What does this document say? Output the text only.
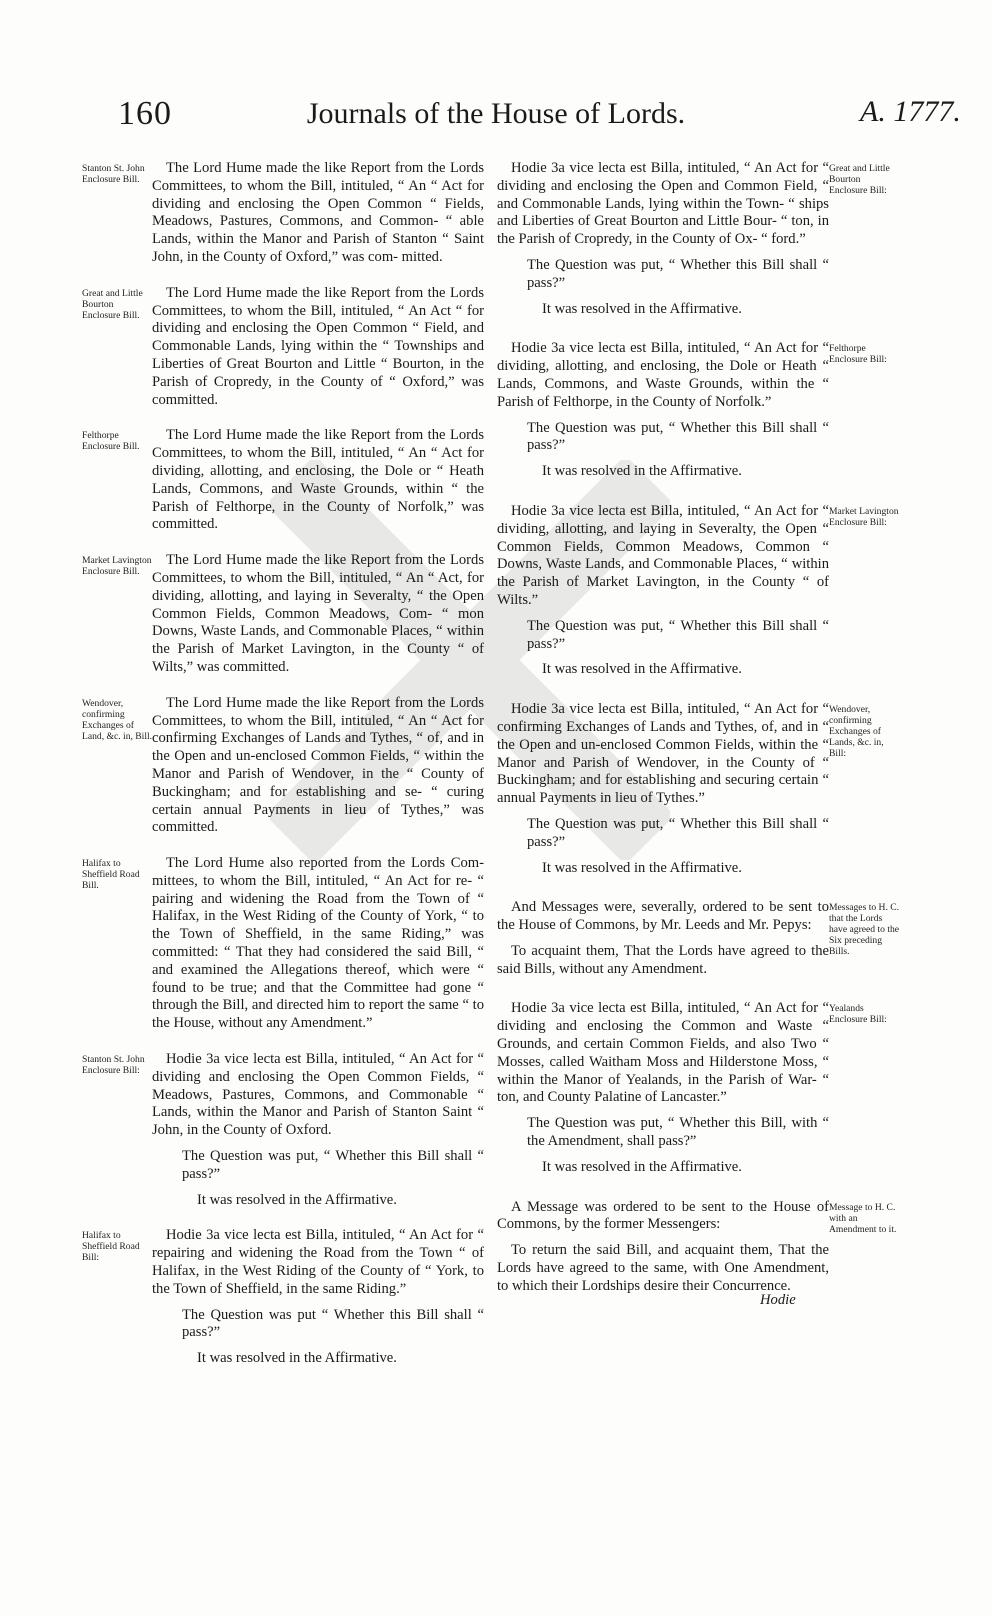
160	Journals of the House of Lords.	A. 1777.
Stanton St. John Enclosure Bill.

The Lord Hume made the like Report from the Lords Committees, to whom the Bill, intituled, “ An “ Act for dividing and enclosing the Open Common “ Fields, Meadows, Pastures, Commons, and Common- “ able Lands, within the Manor and Parish of Stanton “ Saint John, in the County of Oxford,” was com- mitted.

Great and Little Bourton Enclosure Bill.

The Lord Hume made the like Report from the Lords Committees, to whom the Bill, intituled, “ An Act “ for dividing and enclosing the Open Common “ Field, and Commonable Lands, lying within the “ Townships and Liberties of Great Bourton and Little “ Bourton, in the Parish of Cropredy, in the County of “ Oxford,” was committed.

Felthorpe Enclosure Bill.

The Lord Hume made the like Report from the Lords Committees, to whom the Bill, intituled, “ An “ Act for dividing, allotting, and enclosing, the Dole or “ Heath Lands, Commons, and Waste Grounds, within “ the Parish of Felthorpe, in the County of Norfolk,” was committed.

Market Lavington Enclosure Bill.

The Lord Hume made the like Report from the Lords Committees, to whom the Bill, intituled, “ An “ Act, for dividing, allotting, and laying in Severalty, “ the Open Common Fields, Common Meadows, Com- “ mon Downs, Waste Lands, and Commonable Places, “ within the Parish of Market Lavington, in the County “ of Wilts,” was committed.

Wendover, confirming Exchanges of Land, &c. in, Bill.

The Lord Hume made the like Report from the Lords Committees, to whom the Bill, intituled, “ An “ Act for confirming Exchanges of Lands and Tythes, “ of, and in the Open and un-enclosed Common Fields, “ within the Manor and Parish of Wendover, in the “ County of Buckingham; and for establishing and se- “ curing certain annual Payments in lieu of Tythes,” was committed.

Halifax to Sheffield Road Bill.

The Lord Hume also reported from the Lords Com- mittees, to whom the Bill, intituled, “ An Act for re- “ pairing and widening the Road from the Town of “ Halifax, in the West Riding of the County of York, “ to the Town of Sheffield, in the same Riding,” was committed: “ That they had considered the said Bill, “ and examined the Allegations thereof, which were “ found to be true; and that the Committee had gone “ through the Bill, and directed him to report the same “ to the House, without any Amendment.”

Stanton St. John Enclosure Bill:

Hodie 3a vice lecta est Billa, intituled, “ An Act for “ dividing and enclosing the Open Common Fields, “ Meadows, Pastures, Commons, and Commonable “ Lands, within the Manor and Parish of Stanton Saint “ John, in the County of Oxford.

The Question was put, “ Whether this Bill shall “ pass?”

It was resolved in the Affirmative.

Halifax to Sheffield Road Bill:

Hodie 3a vice lecta est Billa, intituled, “ An Act for “ repairing and widening the Road from the Town “ of Halifax, in the West Riding of the County of “ York, to the Town of Sheffield, in the same Riding.”

The Question was put “ Whether this Bill shall “ pass?”

It was resolved in the Affirmative.

Great and Little Bourton Enclosure Bill:

Hodie 3a vice lecta est Billa, intituled, “ An Act for “ dividing and enclosing the Open and Common Field, “ and Commonable Lands, lying within the Town- “ ships and Liberties of Great Bourton and Little Bour- “ ton, in the Parish of Cropredy, in the County of Ox- “ ford.”

The Question was put, “ Whether this Bill shall “ pass?”

It was resolved in the Affirmative.

Felthorpe Enclosure Bill:

Hodie 3a vice lecta est Billa, intituled, “ An Act for “ dividing, allotting, and enclosing, the Dole or Heath “ Lands, Commons, and Waste Grounds, within the “ Parish of Felthorpe, in the County of Norfolk.”

The Question was put, “ Whether this Bill shall “ pass?”

It was resolved in the Affirmative.

Market Lavington Enclosure Bill:

Hodie 3a vice lecta est Billa, intituled, “ An Act for “ dividing, allotting, and laying in Severalty, the Open “ Common Fields, Common Meadows, Common “ Downs, Waste Lands, and Commonable Places, “ within the Parish of Market Lavington, in the County “ of Wilts.”

The Question was put, “ Whether this Bill shall “ pass?”

It was resolved in the Affirmative.

Wendover, confirming Exchanges of Lands, &c. in, Bill:

Hodie 3a vice lecta est Billa, intituled, “ An Act for “ confirming Exchanges of Lands and Tythes, of, and in “ the Open and un-enclosed Common Fields, within the “ Manor and Parish of Wendover, in the County of “ Buckingham; and for establishing and securing certain “ annual Payments in lieu of Tythes.”

The Question was put, “ Whether this Bill shall “ pass?”

It was resolved in the Affirmative.

Messages to H. C. that the Lords have agreed to the Six preceding Bills.

And Messages were, severally, ordered to be sent to the House of Commons, by Mr. Leeds and Mr. Pepys:

To acquaint them, That the Lords have agreed to the said Bills, without any Amendment.

Yealands Enclosure Bill:

Hodie 3a vice lecta est Billa, intituled, “ An Act for “ dividing and enclosing the Common and Waste “ Grounds, and certain Common Fields, and also Two “ Mosses, called Waitham Moss and Hilderstone Moss, “ within the Manor of Yealands, in the Parish of War- “ ton, and County Palatine of Lancaster.”

The Question was put, “ Whether this Bill, with “ the Amendment, shall pass?”

It was resolved in the Affirmative.

Message to H. C. with an Amendment to it.

A Message was ordered to be sent to the House of Commons, by the former Messengers:

To return the said Bill, and acquaint them, That the Lords have agreed to the same, with One Amendment, to which their Lordships desire their Concurrence.

Hodie
